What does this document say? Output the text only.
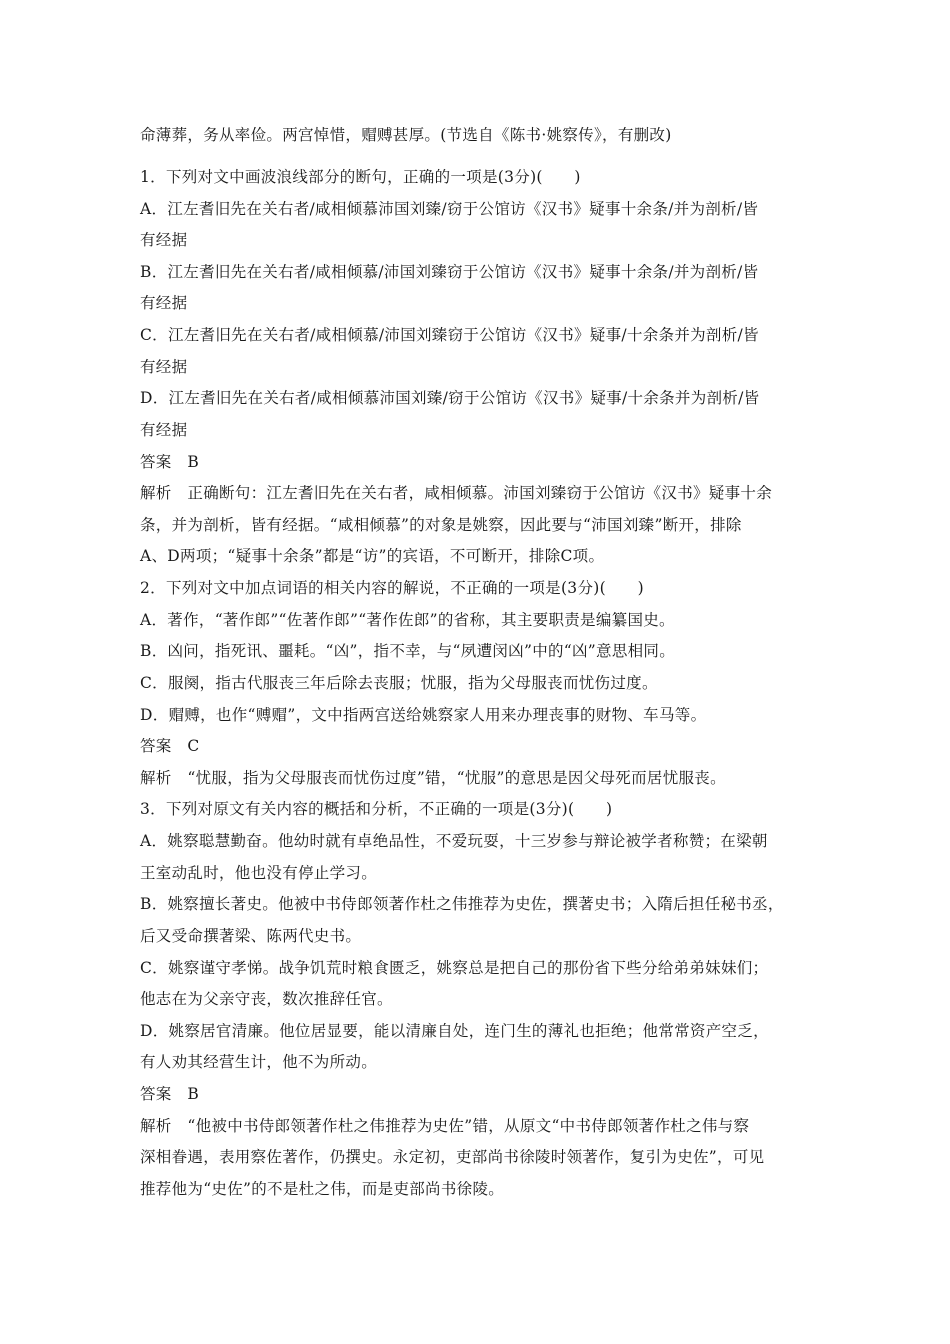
命薄葬，务从率俭。两宫悼惜，赗赙甚厚。(节选自《陈书·姚察传》，有删改)
1．下列对文中画波浪线部分的断句，正确的一项是(3分)(　　)
A．江左耆旧先在关右者/咸相倾慕沛国刘臻/窃于公馆访《汉书》疑事十余条/并为剖析/皆
有经据
B．江左耆旧先在关右者/咸相倾慕/沛国刘臻窃于公馆访《汉书》疑事十余条/并为剖析/皆
有经据
C．江左耆旧先在关右者/咸相倾慕/沛国刘臻窃于公馆访《汉书》疑事/十余条并为剖析/皆
有经据
D．江左耆旧先在关右者/咸相倾慕沛国刘臻/窃于公馆访《汉书》疑事/十余条并为剖析/皆
有经据
答案　B
解析　正确断句：江左耆旧先在关右者，咸相倾慕。沛国刘臻窃于公馆访《汉书》疑事十余
条，并为剖析，皆有经据。“咸相倾慕”的对象是姚察，因此要与“沛国刘臻”断开，排除
A、D两项；“疑事十余条”都是“访”的宾语，不可断开，排除C项。
2．下列对文中加点词语的相关内容的解说，不正确的一项是(3分)(　　)
A．著作，“著作郎”“佐著作郎”“著作佐郎”的省称，其主要职责是编纂国史。
B．凶问，指死讯、噩耗。“凶”，指不幸，与“夙遭闵凶”中的“凶”意思相同。
C．服阕，指古代服丧三年后除去丧服；忧服，指为父母服丧而忧伤过度。
D．赗赙，也作“赙赗”，文中指两宫送给姚察家人用来办理丧事的财物、车马等。
答案　C
解析　“忧服，指为父母服丧而忧伤过度”错，“忧服”的意思是因父母死而居忧服丧。
3．下列对原文有关内容的概括和分析，不正确的一项是(3分)(　　)
A．姚察聪慧勤奋。他幼时就有卓绝品性，不爱玩耍，十三岁参与辩论被学者称赞；在梁朝
王室动乱时，他也没有停止学习。
B．姚察擅长著史。他被中书侍郎领著作杜之伟推荐为史佐，撰著史书；入隋后担任秘书丞，
后又受命撰著梁、陈两代史书。
C．姚察谨守孝悌。战争饥荒时粮食匮乏，姚察总是把自己的那份省下些分给弟弟妹妹们；
他志在为父亲守丧，数次推辞任官。
D．姚察居官清廉。他位居显要，能以清廉自处，连门生的薄礼也拒绝；他常常资产空乏，
有人劝其经营生计，他不为所动。
答案　B
解析　“他被中书侍郎领著作杜之伟推荐为史佐”错，从原文“中书侍郎领著作杜之伟与察
深相眷遇，表用察佐著作，仍撰史。永定初，吏部尚书徐陵时领著作，复引为史佐”，可见
推荐他为“史佐”的不是杜之伟，而是吏部尚书徐陵。
